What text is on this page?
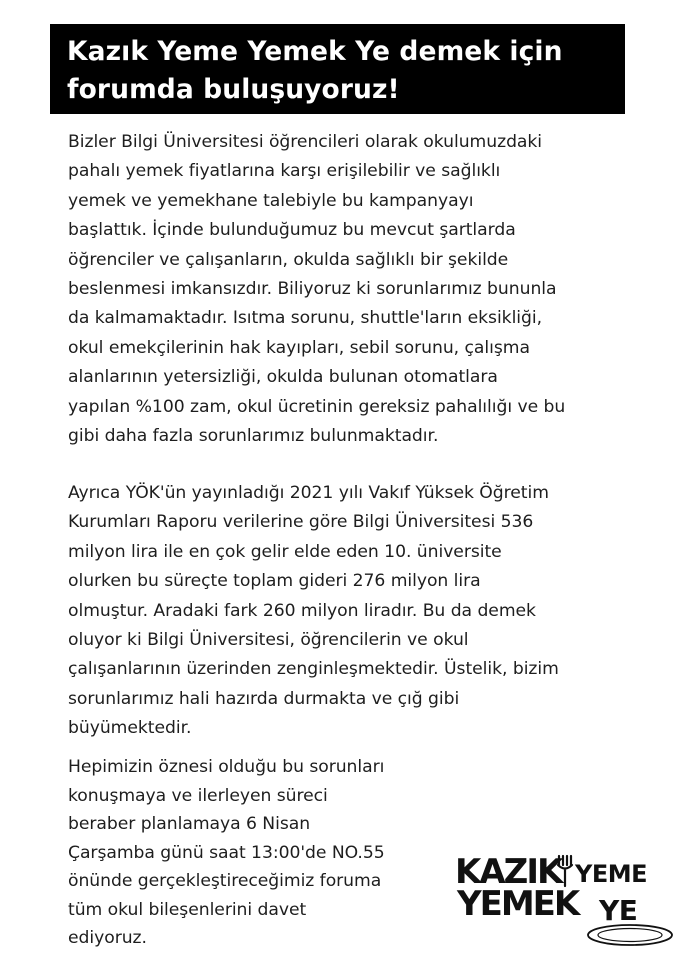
Kazık Yeme Yemek Ye demek için
forumda buluşuyoruz!
Bizler Bilgi Üniversitesi öğrencileri olarak okulumuzdaki
pahalı yemek fiyatlarına karşı erişilebilir ve sağlıklı
yemek ve yemekhane talebiyle bu kampanyayı
başlattık. İçinde bulunduğumuz bu mevcut şartlarda
öğrenciler ve çalışanların, okulda sağlıklı bir şekilde
beslenmesi imkansızdır. Biliyoruz ki sorunlarımız bununla
da kalmamaktadır. Isıtma sorunu, shuttle'ların eksikliği,
okul emekçilerinin hak kayıpları, sebil sorunu, çalışma
alanlarının yetersizliği, okulda bulunan otomatlara
yapılan %100 zam, okul ücretinin gereksiz pahalılığı ve bu
gibi daha fazla sorunlarımız bulunmaktadır.
Ayrıca YÖK'ün yayınladığı 2021 yılı Vakıf Yüksek Öğretim
Kurumları Raporu verilerine göre Bilgi Üniversitesi 536
milyon lira ile en çok gelir elde eden 10. üniversite
olurken bu süreçte toplam gideri 276 milyon lira
olmuştur. Aradaki fark 260 milyon liradır. Bu da demek
oluyor ki Bilgi Üniversitesi, öğrencilerin ve okul
çalışanlarının üzerinden zenginleşmektedir. Üstelik, bizim
sorunlarımız hali hazırda durmakta ve çığ gibi
büyümektedir.
Hepimizin öznesi olduğu bu sorunları
konuşmaya ve ilerleyen süreci
beraber planlamaya 6 Nisan
Çarşamba günü saat 13:00'de NO.55
önünde gerçekleştireceğimiz foruma
tüm okul bileşenlerini davet
ediyoruz.
KAZIK YEME
YEMEK YE
